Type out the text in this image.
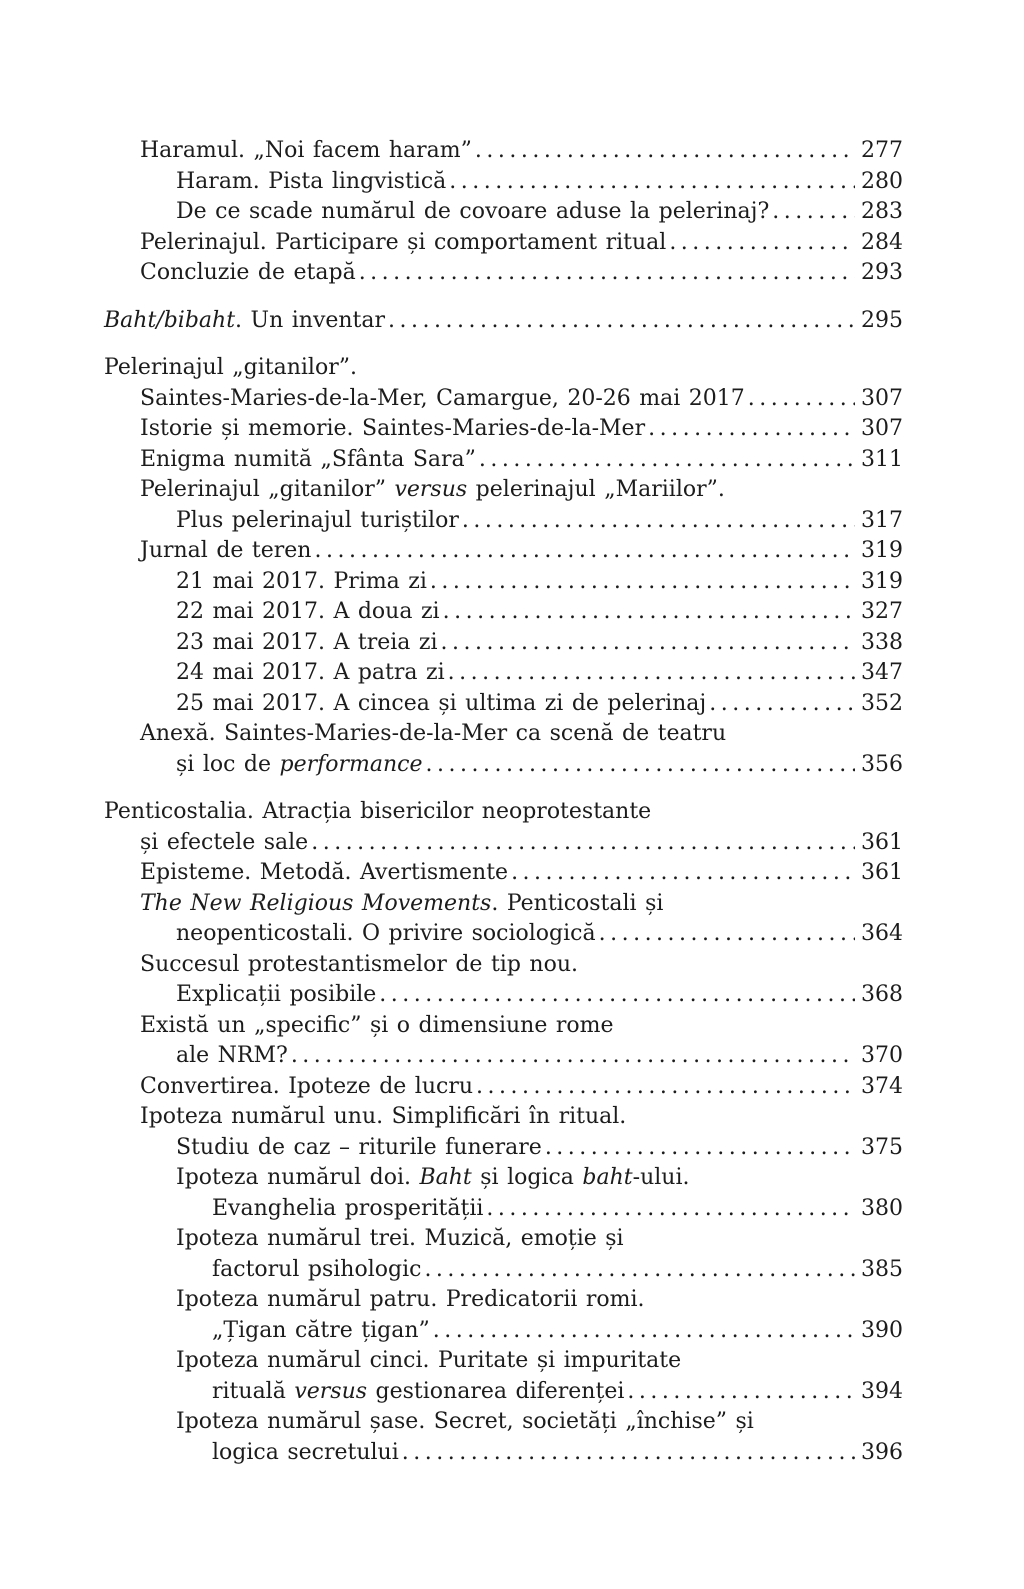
Haramul. „Noi facem haram” .....	277
Haram. Pista lingvistică .....	280
De ce scade numărul de covoare aduse la pelerinaj? .....	283
Pelerinajul. Participare și comportament ritual .....	284
Concluzie de etapă .....	293
Baht/bibaht. Un inventar .....	295
Pelerinajul „gitanilor”.
Saintes-Maries-de-la-Mer, Camargue, 20-26 mai 2017 .....	307
Istorie și memorie. Saintes-Maries-de-la-Mer .....	307
Enigma numită „Sfânta Sara” .....	311
Pelerinajul „gitanilor” versus pelerinajul „Mariilor”.
Plus pelerinajul turiștilor .....	317
Jurnal de teren .....	319
21 mai 2017. Prima zi .....	319
22 mai 2017. A doua zi .....	327
23 mai 2017. A treia zi .....	338
24 mai 2017. A patra zi .....	347
25 mai 2017. A cincea și ultima zi de pelerinaj .....	352
Anexă. Saintes-Maries-de-la-Mer ca scenă de teatru
și loc de performance .....	356
Penticostalia. Atracția bisericilor neoprotestante
și efectele sale .....	361
Episteme. Metodă. Avertismente .....	361
The New Religious Movements. Penticostali și
neopenticostali. O privire sociologică .....	364
Succesul protestantismelor de tip nou.
Explicații posibile .....	368
Există un „specific” și o dimensiune rome
ale NRM? .....	370
Convertirea. Ipoteze de lucru .....	374
Ipoteza numărul unu. Simplificări în ritual.
Studiu de caz – riturile funerare .....	375
Ipoteza numărul doi. Baht și logica baht-ului.
Evanghelia prosperității .....	380
Ipoteza numărul trei. Muzică, emoție și
factorul psihologic .....	385
Ipoteza numărul patru. Predicatorii romi.
„Țigan către țigan” .....	390
Ipoteza numărul cinci. Puritate și impuritate
rituală versus gestionarea diferenței .....	394
Ipoteza numărul șase. Secret, societăți „închise” și
logica secretului .....	396
